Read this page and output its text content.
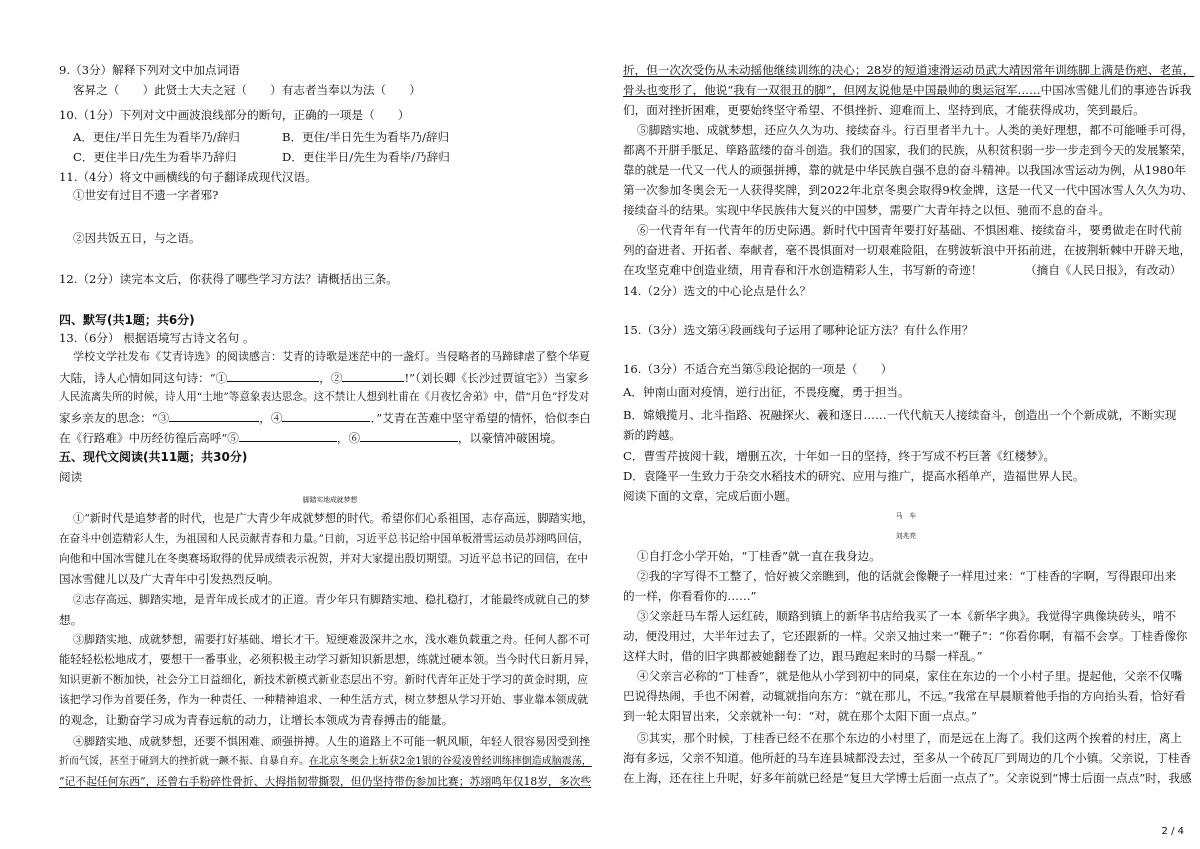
9.（3分）解释下列对文中加点词语
客昇之（　　）此贤士大夫之冠（　　）有志者当奉以为法（　　）
10.（1分）下列对文中画波浪线部分的断句，正确的一项是（　　）
A．更住/半日先生为看毕乃/辞归	B．更住/半日先生为看毕乃/辞归
C．更住半日/先生为看毕乃辞归	D．更住半日/先生为看毕/乃辞归
11.（4分）将文中画横线的句子翻译成现代汉语。
①世安有过目不遗一字者邪?
②因共饭五日，与之语。
12.（2分）读完本文后，你获得了哪些学习方法？请概括出三条。
四、默写(共1题；共6分)
13.（6分） 根据语境写古诗文名句 。
学校文学社发布《艾青诗选》的阅读感言：艾青的诗歌是迷茫中的一盏灯。当侵略者的马蹄肆虐了整个华夏
大陆，诗人心情如同这句诗：“①	，②	!”（刘长卿《长沙过贾谊宅》）当家乡
人民流离失所的时候，诗人用“土地”等意象表达思念。这不禁让人想到杜甫在《月夜忆舍弟》中，借“月色”抒发对
家乡亲友的思念：“③	，④	．”艾青在苦难中坚守希望的情怀，恰似李白
在《行路难》中历经彷徨后高呼“⑤	，⑥	，以豪情冲破困境。
五、现代文阅读(共11题；共30分)
阅读
脚踏实地成就梦想
①“新时代是追梦者的时代，也是广大青少年成就梦想的时代。希望你们心系祖国，志存高远，脚踏实地，
在奋斗中创造精彩人生，为祖国和人民贡献青春和力量。”日前，习近平总书记给中国单板滑雪运动员苏翊鸣回信，
向他和中国冰雪健儿在冬奥赛场取得的优异成绩表示祝贺，并对大家提出殷切期望。习近平总书记的回信，在中
国冰雪健儿以及广大青年中引发热烈反响。
②志存高远、脚踏实地，是青年成长成才的正道。青少年只有脚踏实地、稳扎稳打，才能最终成就自己的梦
想。
③脚踏实地、成就梦想，需要打好基础、增长才干。短绠难汲深井之水，浅水难负载重之舟。任何人都不可
能轻轻松松地成才，要想干一番事业，必须积极主动学习新知识新思想，练就过硬本领。当今时代日新月异，
知识更新不断加快，社会分工日益细化，新技术新模式新业态层出不穷。新时代青年正处于学习的黄金时期，应
该把学习作为首要任务，作为一种责任、一种精神追求、一种生活方式，树立梦想从学习开始、事业靠本领成就
的观念，让勤奋学习成为青春远航的动力，让增长本领成为青春搏击的能量。
④脚踏实地、成就梦想，还要不惧困难、顽强拼搏。人生的道路上不可能一帆风顺，年轻人很容易因受到挫
折而气馁，甚至于碰到大的挫折就一蹶不振、自暴自弃。在北京冬奥会上斩获2金1银的谷爱凌曾经训练摔倒造成脑震荡，
“记不起任何东西”，还曾右手粉碎性骨折、大拇指韧带撕裂，但仍坚持带伤参加比赛；苏翊鸣年仅18岁，多次些
折，但一次次受伤从未动摇他继续训练的决心；28岁的短道速滑运动员武大靖因常年训练脚上满是伤疤、老茧，
骨头也变形了，他说“我有一双很丑的脚”，但网友说他是中国最帅的奥运冠军……中国冰雪健儿们的事迹告诉我
们，面对挫折困难，更要始终坚守希望、不惧挫折、迎难而上、坚持到底，才能获得成功，笑到最后。
⑤脚踏实地、成就梦想，还应久久为功、接续奋斗。行百里者半九十。人类的美好理想，都不可能唾手可得，
都离不开胼手胝足、筚路蓝缕的奋斗创造。我们的国家，我们的民族，从积贫积弱一步一步走到今天的发展繁荣，
靠的就是一代又一代人的顽强拼搏，靠的就是中华民族自强不息的奋斗精神。以我国冰雪运动为例，从1980年
第一次参加冬奥会无一人获得奖牌，到2022年北京冬奥会取得9枚金牌，这是一代又一代中国冰雪人久久为功、
接续奋斗的结果。实现中华民族伟大复兴的中国梦，需要广大青年持之以恒、驰而不息的奋斗。
⑥一代青年有一代青年的历史际遇。新时代中国青年要打好基础、不惧困难、接续奋斗，要勇做走在时代前
列的奋进者、开拓者、奉献者，毫不畏惧面对一切艰难险阻，在劈波斩浪中开拓前进，在披荆斩棘中开辟天地，
在攻坚克难中创造业绩，用青春和汗水创造精彩人生，书写新的奇迹！	（摘自《人民日报》，有改动）
14.（2分）选文的中心论点是什么？
15.（3分）选文第④段画线句子运用了哪种论证方法？有什么作用？
16.（3分）不适合充当第⑤段论据的一项是（　　）
A．钟南山面对疫情，逆行出征，不畏疫魔，勇于担当。
B．嫦娥揽月、北斗指路、祝融探火、羲和逐日……一代代航天人接续奋斗，创造出一个个新成就，不断实现
新的跨越。
C．曹雪芹披阅十载，增删五次，十年如一日的坚持，终于写成不朽巨著《红楼梦》。
D．袁隆平一生致力于杂交水稻技术的研究、应用与推广，提高水稻单产，造福世界人民。
阅读下面的文章，完成后面小题。
马　车
刘兆亮
①自打念小学开始，“丁桂香”就一直在我身边。
②我的字写得不工整了，恰好被父亲瞧到，他的话就会像鞭子一样甩过来：“丁桂香的字啊，写得跟印出来
的一样，你看看你的……”
③父亲赶马车帮人运红砖，顺路到镇上的新华书店给我买了一本《新华字典》。我觉得字典像块砖头，啃不
动，便没用过，大半年过去了，它还跟新的一样。父亲又抽过来一“鞭子”：“你看你啊，有福不会享。丁桂香像你
这样大时，借的旧字典都被她翻卷了边，跟马跑起来时的马鬃一样乱。”
④父亲言必称的“丁桂香”，就是他从小学到初中的同桌，家住在东边的一个小村子里。提起他，父亲不仅嘴
巴说得热闹，手也不闲着，动辄就指向东方：“就在那儿，不远。”我常在早晨顺着他手指的方向抬头看，恰好看
到一轮太阳冒出来，父亲就补一句：“对，就在那个太阳下面一点点。”
⑤其实，那个时候，丁桂香已经不在那个东边的小村里了，而是远在上海了。我们这两个挨着的村庄，离上
海有多远，父亲不知道。他所赶的马车连县城都没去过，至多从一个砖瓦厂到周边的几个小镇。父亲说，丁桂香
在上海，还在往上升呢，好多年前就已经是“复旦大学博士后面一点点了”。父亲说到“博士后面一点点”时，我感
2 / 4
